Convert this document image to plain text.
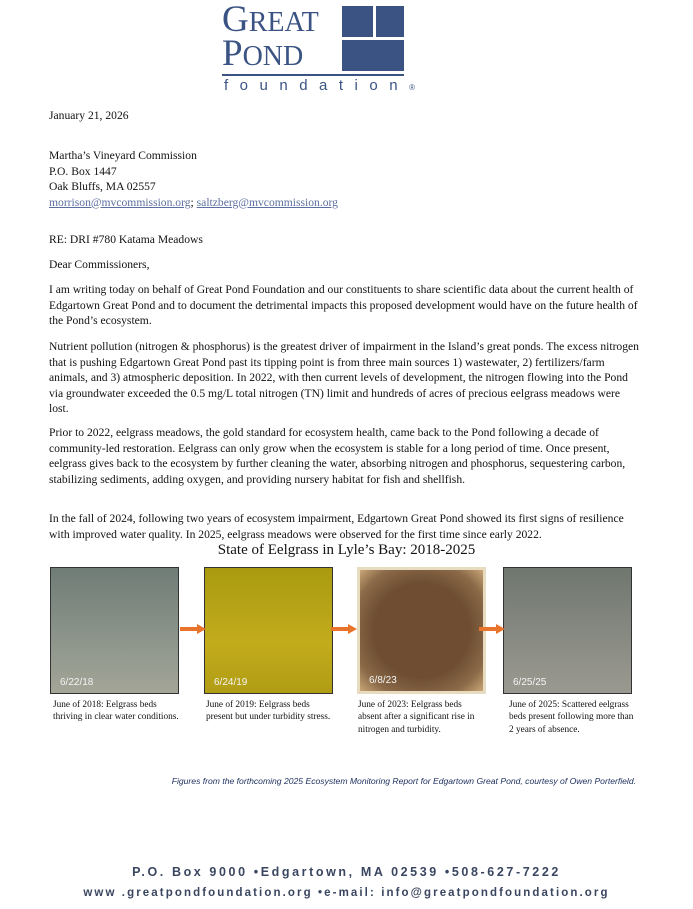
GREAT
POND
foundation®
January 21, 2026
Martha’s Vineyard Commission
P.O. Box 1447
Oak Bluffs, MA 02557
morrison@mvcommission.org; saltzberg@mvcommission.org
RE: DRI #780 Katama Meadows
Dear Commissioners,

I am writing today on behalf of Great Pond Foundation and our constituents to share scientific data about the current health of Edgartown Great Pond and to document the detrimental impacts this proposed development would have on the future health of the Pond’s ecosystem.

Nutrient pollution (nitrogen & phosphorus) is the greatest driver of impairment in the Island’s great ponds. The excess nitrogen that is pushing Edgartown Great Pond past its tipping point is from three main sources 1) wastewater, 2) fertilizers/farm animals, and 3) atmospheric deposition. In 2022, with then current levels of development, the nitrogen flowing into the Pond via groundwater exceeded the 0.5 mg/L total nitrogen (TN) limit and hundreds of acres of precious eelgrass meadows were lost.

Prior to 2022, eelgrass meadows, the gold standard for ecosystem health, came back to the Pond following a decade of community-led restoration. Eelgrass can only grow when the ecosystem is stable for a long period of time. Once present, eelgrass gives back to the ecosystem by further cleaning the water, absorbing nitrogen and phosphorus, sequestering carbon, stabilizing sediments, adding oxygen, and providing nursery habitat for fish and shellfish.

In the fall of 2024, following two years of ecosystem impairment, Edgartown Great Pond showed its first signs of resilience with improved water quality. In 2025, eelgrass meadows were observed for the first time since early 2022.

State of Eelgrass in Lyle’s Bay: 2018-2025
6/22/18	6/24/19	6/8/23	6/25/25
June of 2018: Eelgrass beds thriving in clear water conditions.
June of 2019: Eelgrass beds present but under turbidity stress.
June of 2023: Eelgrass beds absent after a significant rise in nitrogen and turbidity.
June of 2025: Scattered eelgrass beds present following more than 2 years of absence.
Figures from the forthcoming 2025 Ecosystem Monitoring Report for Edgartown Great Pond, courtesy of Owen Porterfield.
P.O. Box 9000 •Edgartown, MA 02539 •508-627-7222
www .greatpondfoundation.org •e-mail: info@greatpondfoundation.org
